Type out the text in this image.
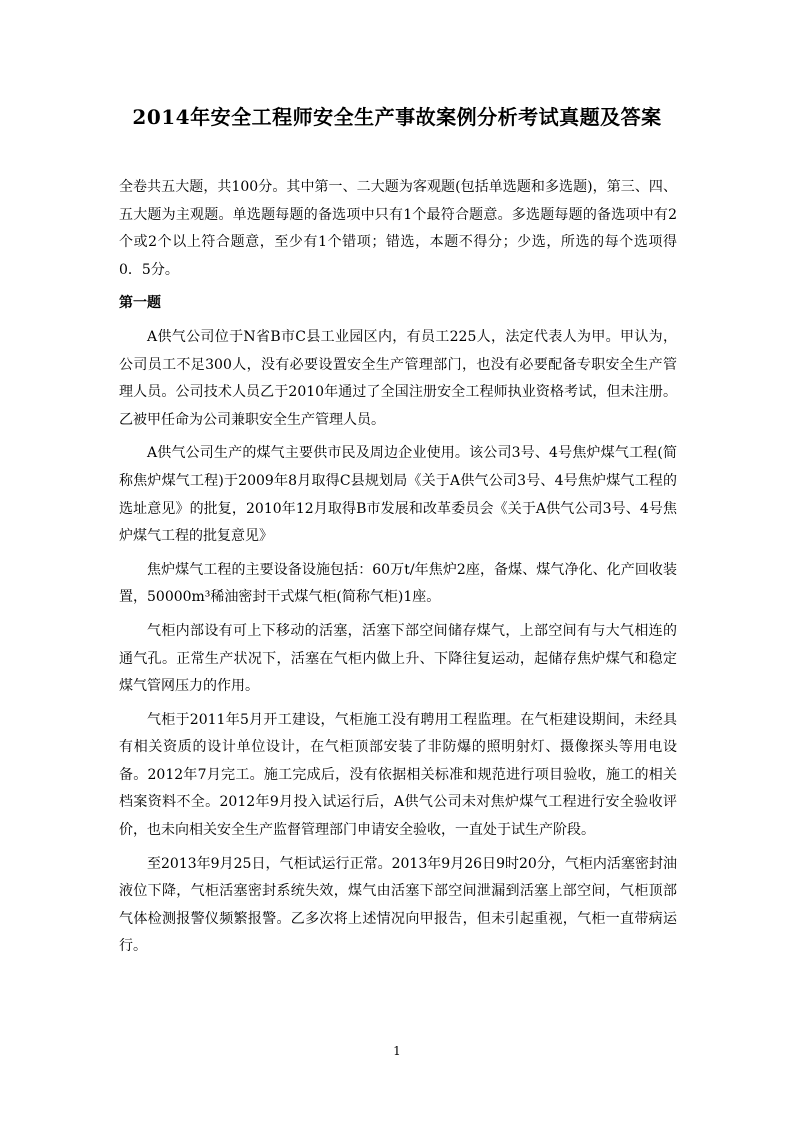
2014年安全工程师安全生产事故案例分析考试真题及答案

全卷共五大题，共100分。其中第一、二大题为客观题(包括单选题和多选题)，第三、四、五大题为主观题。单选题每题的备选项中只有1个最符合题意。多选题每题的备选项中有2个或2个以上符合题意，至少有1个错项；错选，本题不得分；少选，所选的每个选项得0．5分。

第一题

A供气公司位于N省B市C县工业园区内，有员工225人，法定代表人为甲。甲认为，公司员工不足300人，没有必要设置安全生产管理部门，也没有必要配备专职安全生产管理人员。公司技术人员乙于2010年通过了全国注册安全工程师执业资格考试，但未注册。乙被甲任命为公司兼职安全生产管理人员。

A供气公司生产的煤气主要供市民及周边企业使用。该公司3号、4号焦炉煤气工程(简称焦炉煤气工程)于2009年8月取得C县规划局《关于A供气公司3号、4号焦炉煤气工程的选址意见》的批复，2010年12月取得B市发展和改革委员会《关于A供气公司3号、4号焦炉煤气工程的批复意见》

焦炉煤气工程的主要设备设施包括：60万t/年焦炉2座，备煤、煤气净化、化产回收装置，50000m³稀油密封干式煤气柜(简称气柜)1座。

气柜内部设有可上下移动的活塞，活塞下部空间储存煤气，上部空间有与大气相连的通气孔。正常生产状况下，活塞在气柜内做上升、下降往复运动，起储存焦炉煤气和稳定煤气管网压力的作用。

气柜于2011年5月开工建设，气柜施工没有聘用工程监理。在气柜建设期间，未经具有相关资质的设计单位设计，在气柜顶部安装了非防爆的照明射灯、摄像探头等用电设备。2012年7月完工。施工完成后，没有依据相关标准和规范进行项目验收，施工的相关档案资料不全。2012年9月投入试运行后，A供气公司未对焦炉煤气工程进行安全验收评价，也未向相关安全生产监督管理部门申请安全验收，一直处于试生产阶段。

至2013年9月25日，气柜试运行正常。2013年9月26日9时20分，气柜内活塞密封油液位下降，气柜活塞密封系统失效，煤气由活塞下部空间泄漏到活塞上部空间，气柜顶部气体检测报警仪频繁报警。乙多次将上述情况向甲报告，但未引起重视，气柜一直带病运行。

1
